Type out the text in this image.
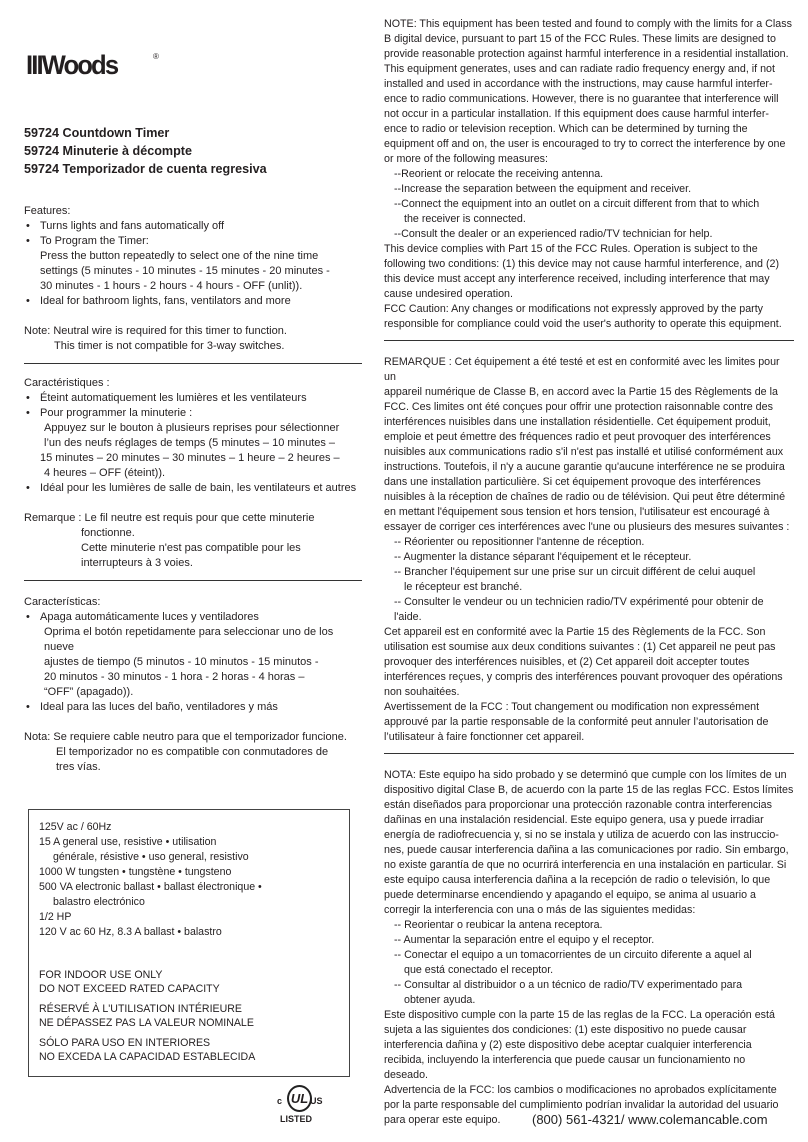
IIIWoods	®
59724 Countdown Timer
59724 Minuterie à décompte
59724 Temporizador de cuenta regresiva
Features:
• Turns lights and fans automatically off
• To Program the Timer:
Press the button repeatedly to select one of the nine time
settings (5 minutes - 10 minutes - 15 minutes - 20 minutes -
30 minutes - 1 hours - 2 hours - 4 hours - OFF (unlit)).
• Ideal for bathroom lights, fans, ventilators and more
Note:
Neutral wire is required for this timer to function.
This timer is not compatible for 3-way switches.
Caractéristiques :
• Éteint automatiquement les lumières et les ventilateurs
• Pour programmer la minuterie :
Appuyez sur le bouton à plusieurs reprises pour sélectionner
l’un des neufs réglages de temps (5 minutes – 10 minutes –
15 minutes – 20 minutes – 30 minutes – 1 heure – 2 heures –
4 heures – OFF (éteint)).
• Idéal pour les lumières de salle de bain, les ventilateurs et autres
Remarque :
Le fil neutre est requis pour que cette minuterie
fonctionne.
Cette minuterie n'est pas compatible pour les
interrupteurs à 3 voies.
Características:
• Apaga automáticamente luces y ventiladores
Oprima el botón repetidamente para seleccionar uno de los nueve
ajustes de tiempo (5 minutos - 10 minutos - 15 minutos -
20 minutos - 30 minutos - 1 hora - 2 horas - 4 horas –
“OFF” (apagado)).
• Ideal para las luces del baño, ventiladores y más
Nota:
Se requiere cable neutro para que el temporizador funcione.
El temporizador no es compatible con conmutadores de
tres vías.
125V ac / 60Hz
15 A general use, resistive • utilisation
générale, résistive • uso general, resistivo
1000 W tungsten • tungstène • tungsteno
500 VA electronic ballast • ballast électronique •
balastro electrónico
1/2 HP
120 V ac 60 Hz, 8.3 A ballast • balastro
FOR INDOOR USE ONLY
DO NOT EXCEED RATED CAPACITY
RÉSERVÉ À L'UTILISATION INTÉRIEURE
NE DÉPASSEZ PAS LA VALEUR NOMINALE
SÓLO PARA USO EN INTERIORES
NO EXCEDA LA CAPACIDAD ESTABLECIDA
c UL US
LISTED
NOTE: This equipment has been tested and found to comply with the limits for a Class
B digital device, pursuant to part 15 of the FCC Rules. These limits are designed to
provide reasonable protection against harmful interference in a residential installation.
This equipment generates, uses and can radiate radio frequency energy and, if not
installed and used in accordance with the instructions, may cause harmful interfer-
ence to radio communications. However, there is no guarantee that interference will
not occur in a particular installation. If this equipment does cause harmful interfer-
ence to radio or television reception. Which can be determined by turning the
equipment off and on, the user is encouraged to try to correct the interference by one
or more of the following measures:
--Reorient or relocate the receiving antenna.
--Increase the separation between the equipment and receiver.
--Connect the equipment into an outlet on a circuit different from that to which
the receiver is connected.
--Consult the dealer or an experienced radio/TV technician for help.
This device complies with Part 15 of the FCC Rules. Operation is subject to the
following two conditions: (1) this device may not cause harmful interference, and (2)
this device must accept any interference received, including interference that may
cause undesired operation.
FCC Caution: Any changes or modifications not expressly approved by the party
responsible for compliance could void the user's authority to operate this equipment.
REMARQUE : Cet équipement a été testé et est en conformité avec les limites pour un
appareil numérique de Classe B, en accord avec la Partie 15 des Règlements de la
FCC. Ces limites ont été conçues pour offrir une protection raisonnable contre des
interférences nuisibles dans une installation résidentielle. Cet équipement produit,
emploie et peut émettre des fréquences radio et peut provoquer des interférences
nuisibles aux communications radio s'il n'est pas installé et utilisé conformément aux
instructions. Toutefois, il n'y a aucune garantie qu'aucune interférence ne se produira
dans une installation particulière. Si cet équipement provoque des interférences
nuisibles à la réception de chaînes de radio ou de télévision. Qui peut être déterminé
en mettant l'équipement sous tension et hors tension, l'utilisateur est encouragé à
essayer de corriger ces interférences avec l'une ou plusieurs des mesures suivantes :
-- Réorienter ou repositionner l'antenne de réception.
-- Augmenter la distance séparant l'équipement et le récepteur.
-- Brancher l'équipement sur une prise sur un circuit différent de celui auquel
le récepteur est branché.
-- Consulter le vendeur ou un technicien radio/TV expérimenté pour obtenir de l'aide.
Cet appareil est en conformité avec la Partie 15 des Règlements de la FCC. Son
utilisation est soumise aux deux conditions suivantes : (1) Cet appareil ne peut pas
provoquer des interférences nuisibles, et (2) Cet appareil doit accepter toutes
interférences reçues, y compris des interférences pouvant provoquer des opérations
non souhaitées.
Avertissement de la FCC : Tout changement ou modification non expressément
approuvé par la partie responsable de la conformité peut annuler l’autorisation de
l’utilisateur à faire fonctionner cet appareil.
NOTA: Este equipo ha sido probado y se determinó que cumple con los límites de un
dispositivo digital Clase B, de acuerdo con la parte 15 de las reglas FCC. Estos límites
están diseñados para proporcionar una protección razonable contra interferencias
dañinas en una instalación residencial. Este equipo genera, usa y puede irradiar
energía de radiofrecuencia y, si no se instala y utiliza de acuerdo con las instruccio-
nes, puede causar interferencia dañina a las comunicaciones por radio. Sin embargo,
no existe garantía de que no ocurrirá interferencia en una instalación en particular. Si
este equipo causa interferencia dañina a la recepción de radio o televisión, lo que
puede determinarse encendiendo y apagando el equipo, se anima al usuario a
corregir la interferencia con una o más de las siguientes medidas:
-- Reorientar o reubicar la antena receptora.
-- Aumentar la separación entre el equipo y el receptor.
-- Conectar el equipo a un tomacorrientes de un circuito diferente a aquel al
que está conectado el receptor.
-- Consultar al distribuidor o a un técnico de radio/TV experimentado para
obtener ayuda.
Este dispositivo cumple con la parte 15 de las reglas de la FCC. La operación está
sujeta a las siguientes dos condiciones: (1) este dispositivo no puede causar
interferencia dañina y (2) este dispositivo debe aceptar cualquier interferencia
recibida, incluyendo la interferencia que puede causar un funcionamiento no
deseado.
Advertencia de la FCC: los cambios o modificaciones no aprobados explícitamente
por la parte responsable del cumplimiento podrían invalidar la autoridad del usuario
para operar este equipo.	(800) 561-4321/ www.colemancable.com
